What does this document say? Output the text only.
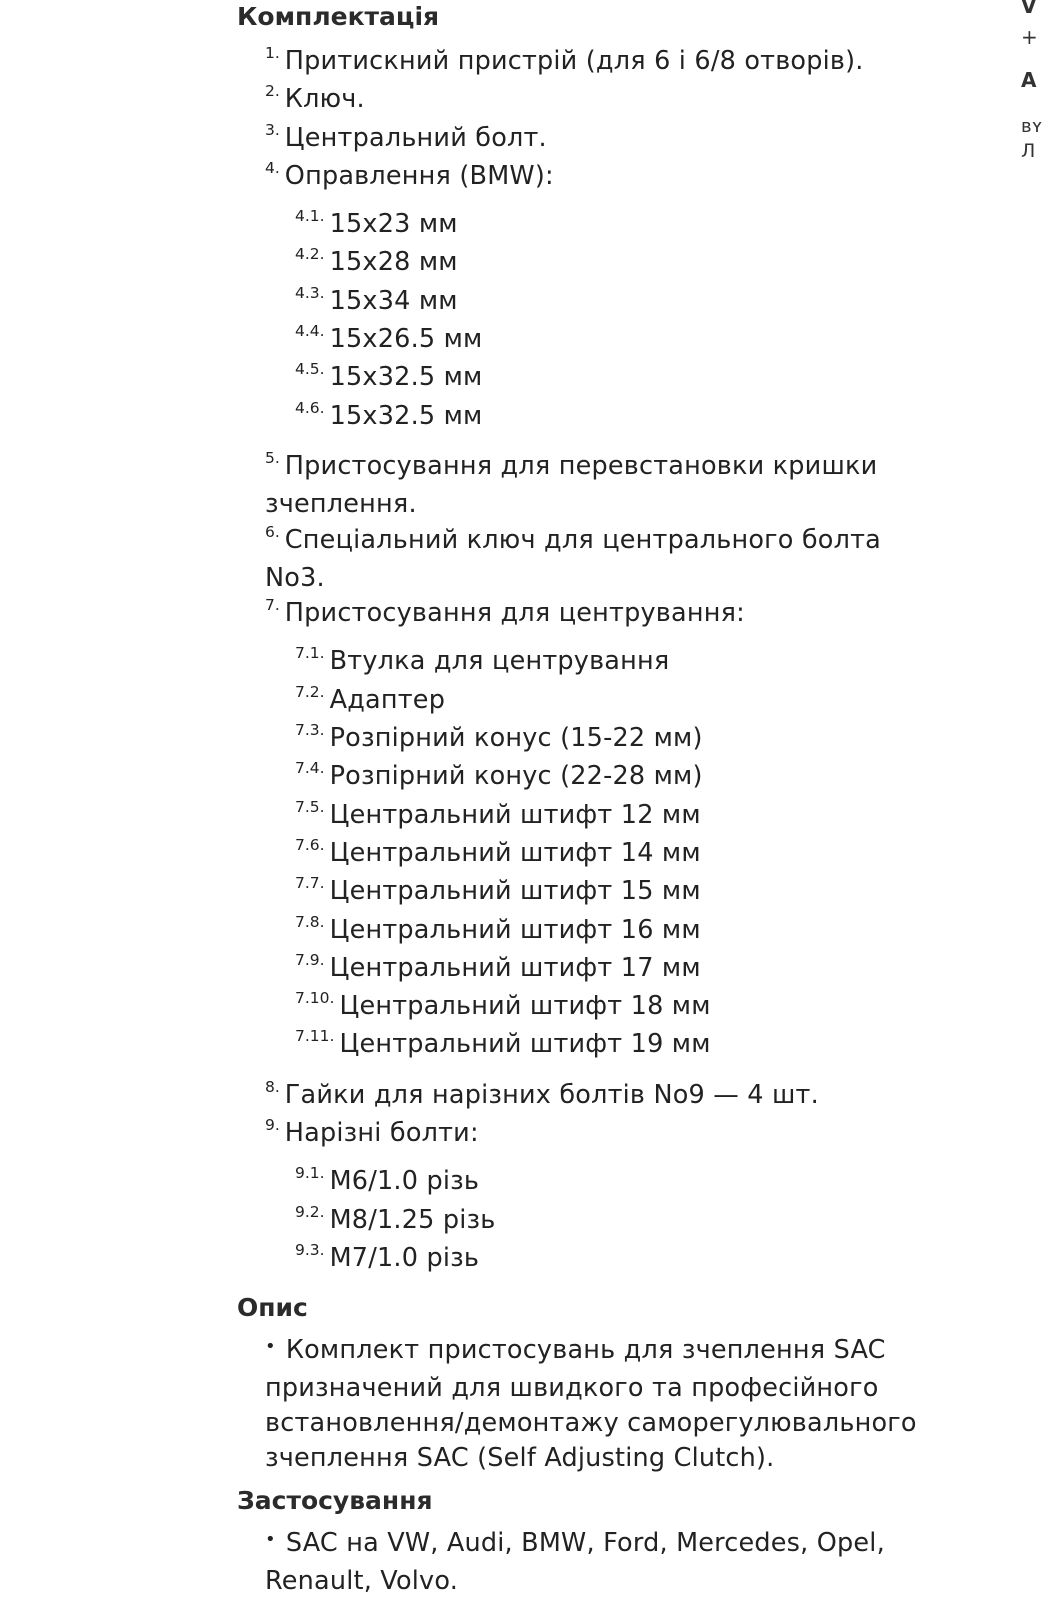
Комплектація
$^{1.}$ Притискний пристрій (для 6 і 6/8 отворів).
$^{2.}$ Ключ.
$^{3.}$ Центральний болт.
$^{4.}$ Оправлення (BMW):
$^{4.1.}$ 15x23 мм
$^{4.2.}$ 15x28 мм
$^{4.3.}$ 15x34 мм
$^{4.4.}$ 15x26.5 мм
$^{4.5.}$ 15x32.5 мм
$^{4.6.}$ 15x32.5 мм
$^{5.}$ Пристосування для перевстановки кришки зчеплення.
$^{6.}$ Спеціальний ключ для центрального болта No3.
$^{7.}$ Пристосування для центрування:
$^{7.1.}$ Втулка для центрування
$^{7.2.}$ Адаптер
$^{7.3.}$ Розпірний конус (15-22 мм)
$^{7.4.}$ Розпірний конус (22-28 мм)
$^{7.5.}$ Центральний штифт 12 мм
$^{7.6.}$ Центральний штифт 14 мм
$^{7.7.}$ Центральний штифт 15 мм
$^{7.8.}$ Центральний штифт 16 мм
$^{7.9.}$ Центральний штифт 17 мм
$^{7.10.}$ Центральний штифт 18 мм
$^{7.11.}$ Центральний штифт 19 мм
$^{8.}$ Гайки для нарізних болтів No9 — 4 шт.
$^{9.}$ Нарізні болти:
$^{9.1.}$ M6/1.0 різь
$^{9.2.}$ M8/1.25 різь
$^{9.3.}$ M7/1.0 різь
Опис
• Комплект пристосувань для зчеплення SAC призначений для швидкого та професійного встановлення/демонтажу саморегулювального зчеплення SAC (Self Adjusting Clutch).
Застосування
• SAC на VW, Audi, BMW, Ford, Mercedes, Opel, Renault, Volvo.
V
+
A
вʏ
Л
